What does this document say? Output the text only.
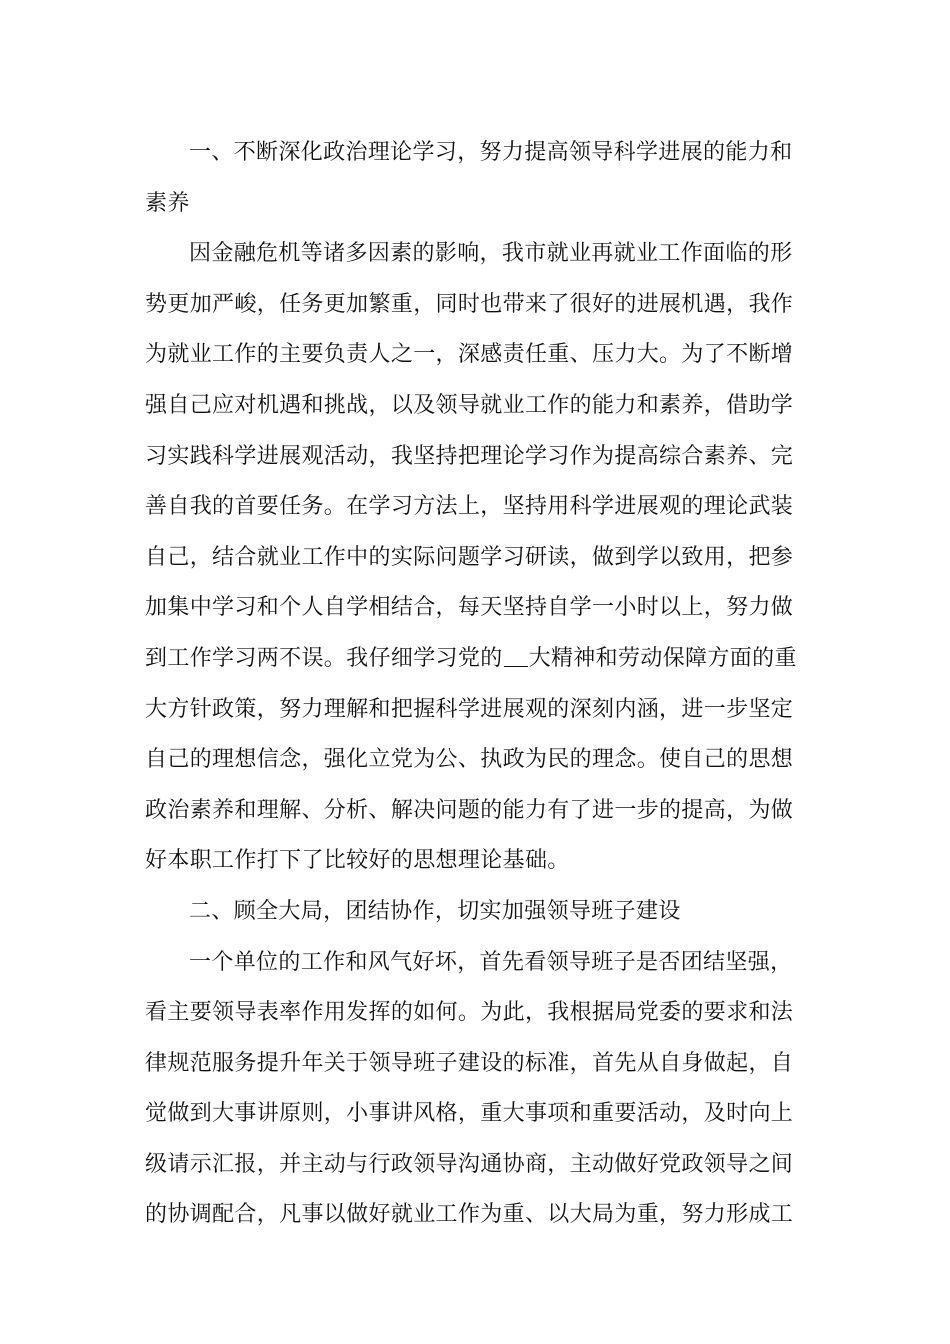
一、不断深化政治理论学习，努力提高领导科学进展的能力和
素养
因金融危机等诸多因素的影响，我市就业再就业工作面临的形
势更加严峻，任务更加繁重，同时也带来了很好的进展机遇，我作
为就业工作的主要负责人之一，深感责任重、压力大。为了不断增
强自己应对机遇和挑战，以及领导就业工作的能力和素养，借助学
习实践科学进展观活动，我坚持把理论学习作为提高综合素养、完
善自我的首要任务。在学习方法上，坚持用科学进展观的理论武装
自己，结合就业工作中的实际问题学习研读，做到学以致用，把参
加集中学习和个人自学相结合，每天坚持自学一小时以上，努力做
到工作学习两不误。我仔细学习党的 大精神和劳动保障方面的重
大方针政策，努力理解和把握科学进展观的深刻内涵，进一步坚定
自己的理想信念，强化立党为公、执政为民的理念。使自己的思想
政治素养和理解、分析、解决问题的能力有了进一步的提高，为做
好本职工作打下了比较好的思想理论基础。
二、顾全大局，团结协作，切实加强领导班子建设
一个单位的工作和风气好坏，首先看领导班子是否团结坚强，
看主要领导表率作用发挥的如何。为此，我根据局党委的要求和法
律规范服务提升年关于领导班子建设的标准，首先从自身做起，自
觉做到大事讲原则，小事讲风格，重大事项和重要活动，及时向上
级请示汇报，并主动与行政领导沟通协商，主动做好党政领导之间
的协调配合，凡事以做好就业工作为重、以大局为重，努力形成工
